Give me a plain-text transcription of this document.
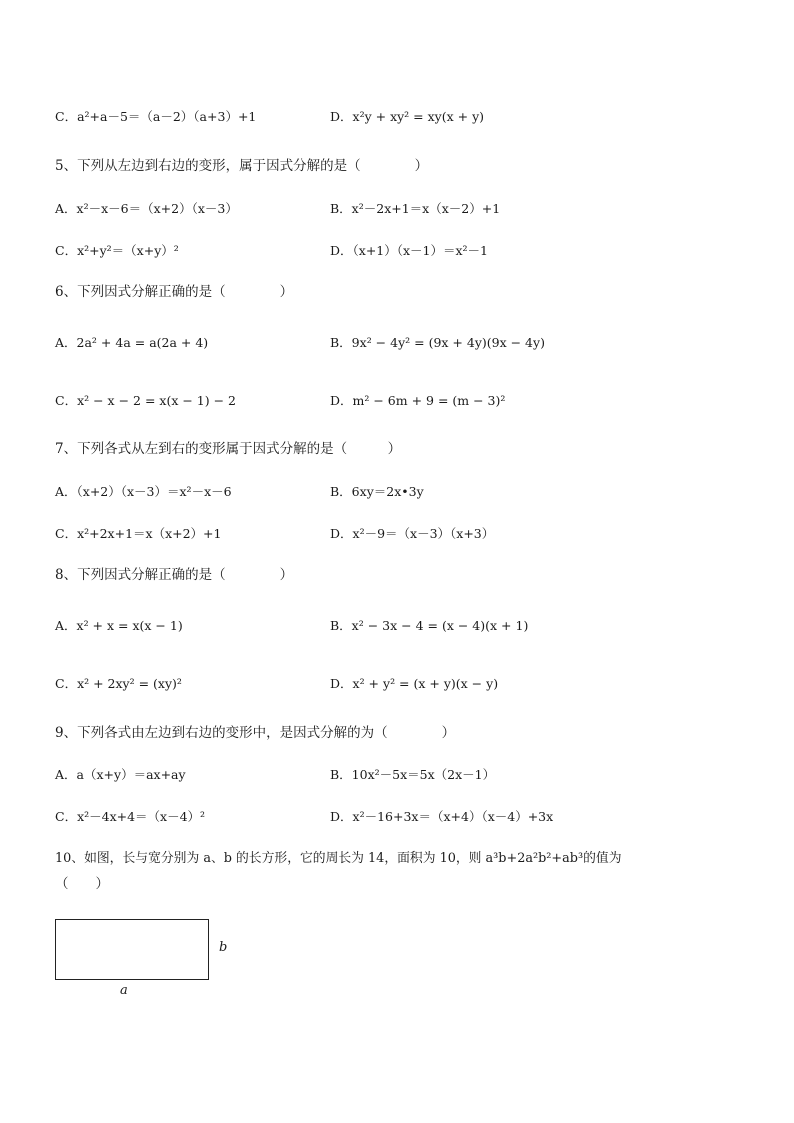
C．a²+a－5＝（a－2）（a+3）+1	D．x²y + xy² = xy(x + y)
5、下列从左边到右边的变形，属于因式分解的是（　　　　）
A．x²－x－6＝（x+2）（x－3）	B．x²－2x+1＝x（x－2）+1
C．x²+y²＝（x+y）²	D．（x+1）（x－1）＝x²－1
6、下列因式分解正确的是（　　　　）
A．2a² + 4a = a(2a + 4)	B．9x² − 4y² = (9x + 4y)(9x − 4y)
C．x² − x − 2 = x(x − 1) − 2	D．m² − 6m + 9 = (m − 3)²
7、下列各式从左到右的变形属于因式分解的是（　　　）
A．（x+2）（x－3）＝x²－x－6	B．6xy＝2x•3y
C．x²+2x+1＝x（x+2）+1	D．x²－9＝（x－3）（x+3）
8、下列因式分解正确的是（　　　　）
A．x² + x = x(x − 1)	B．x² − 3x − 4 = (x − 4)(x + 1)
C．x² + 2xy² = (xy)²	D．x² + y² = (x + y)(x − y)
9、下列各式由左边到右边的变形中，是因式分解的为（　　　　）
A．a（x+y）＝ax+ay	B．10x²－5x＝5x（2x－1）
C．x²－4x+4＝（x－4）²	D．x²－16+3x＝（x+4）（x－4）+3x
10、如图，长与宽分别为 a、b 的长方形，它的周长为 14，面积为 10，则 a³b+2a²b²+ab³的值为
（　　）
b
a
